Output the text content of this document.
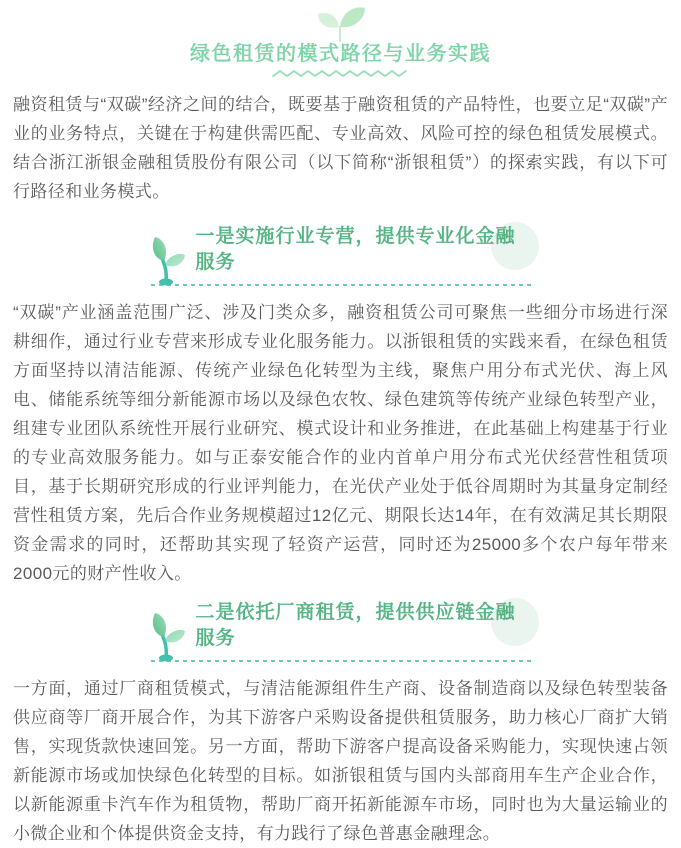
绿色租赁的模式路径与业务实践

融资租赁与“双碳”经济之间的结合，既要基于融资租赁的产品特性，也要立足“双碳”产业的业务特点，关键在于构建供需匹配、专业高效、风险可控的绿色租赁发展模式。结合浙江浙银金融租赁股份有限公司（以下简称“浙银租赁”）的探索实践，有以下可行路径和业务模式。

一是实施行业专营，提供专业化金融服务

“双碳”产业涵盖范围广泛、涉及门类众多，融资租赁公司可聚焦一些细分市场进行深耕细作，通过行业专营来形成专业化服务能力。以浙银租赁的实践来看，在绿色租赁方面坚持以清洁能源、传统产业绿色化转型为主线，聚焦户用分布式光伏、海上风电、储能系统等细分新能源市场以及绿色农牧、绿色建筑等传统产业绿色转型产业，组建专业团队系统性开展行业研究、模式设计和业务推进，在此基础上构建基于行业的专业高效服务能力。如与正泰安能合作的业内首单户用分布式光伏经营性租赁项目，基于长期研究形成的行业评判能力，在光伏产业处于低谷周期时为其量身定制经营性租赁方案，先后合作业务规模超过12亿元、期限长达14年，在有效满足其长期限资金需求的同时，还帮助其实现了轻资产运营，同时还为25000多个农户每年带来2000元的财产性收入。

二是依托厂商租赁，提供供应链金融服务

一方面，通过厂商租赁模式，与清洁能源组件生产商、设备制造商以及绿色转型装备供应商等厂商开展合作，为其下游客户采购设备提供租赁服务，助力核心厂商扩大销售，实现货款快速回笼。另一方面，帮助下游客户提高设备采购能力，实现快速占领新能源市场或加快绿色化转型的目标。如浙银租赁与国内头部商用车生产企业合作，以新能源重卡汽车作为租赁物，帮助厂商开拓新能源车市场，同时也为大量运输业的小微企业和个体提供资金支持，有力践行了绿色普惠金融理念。
